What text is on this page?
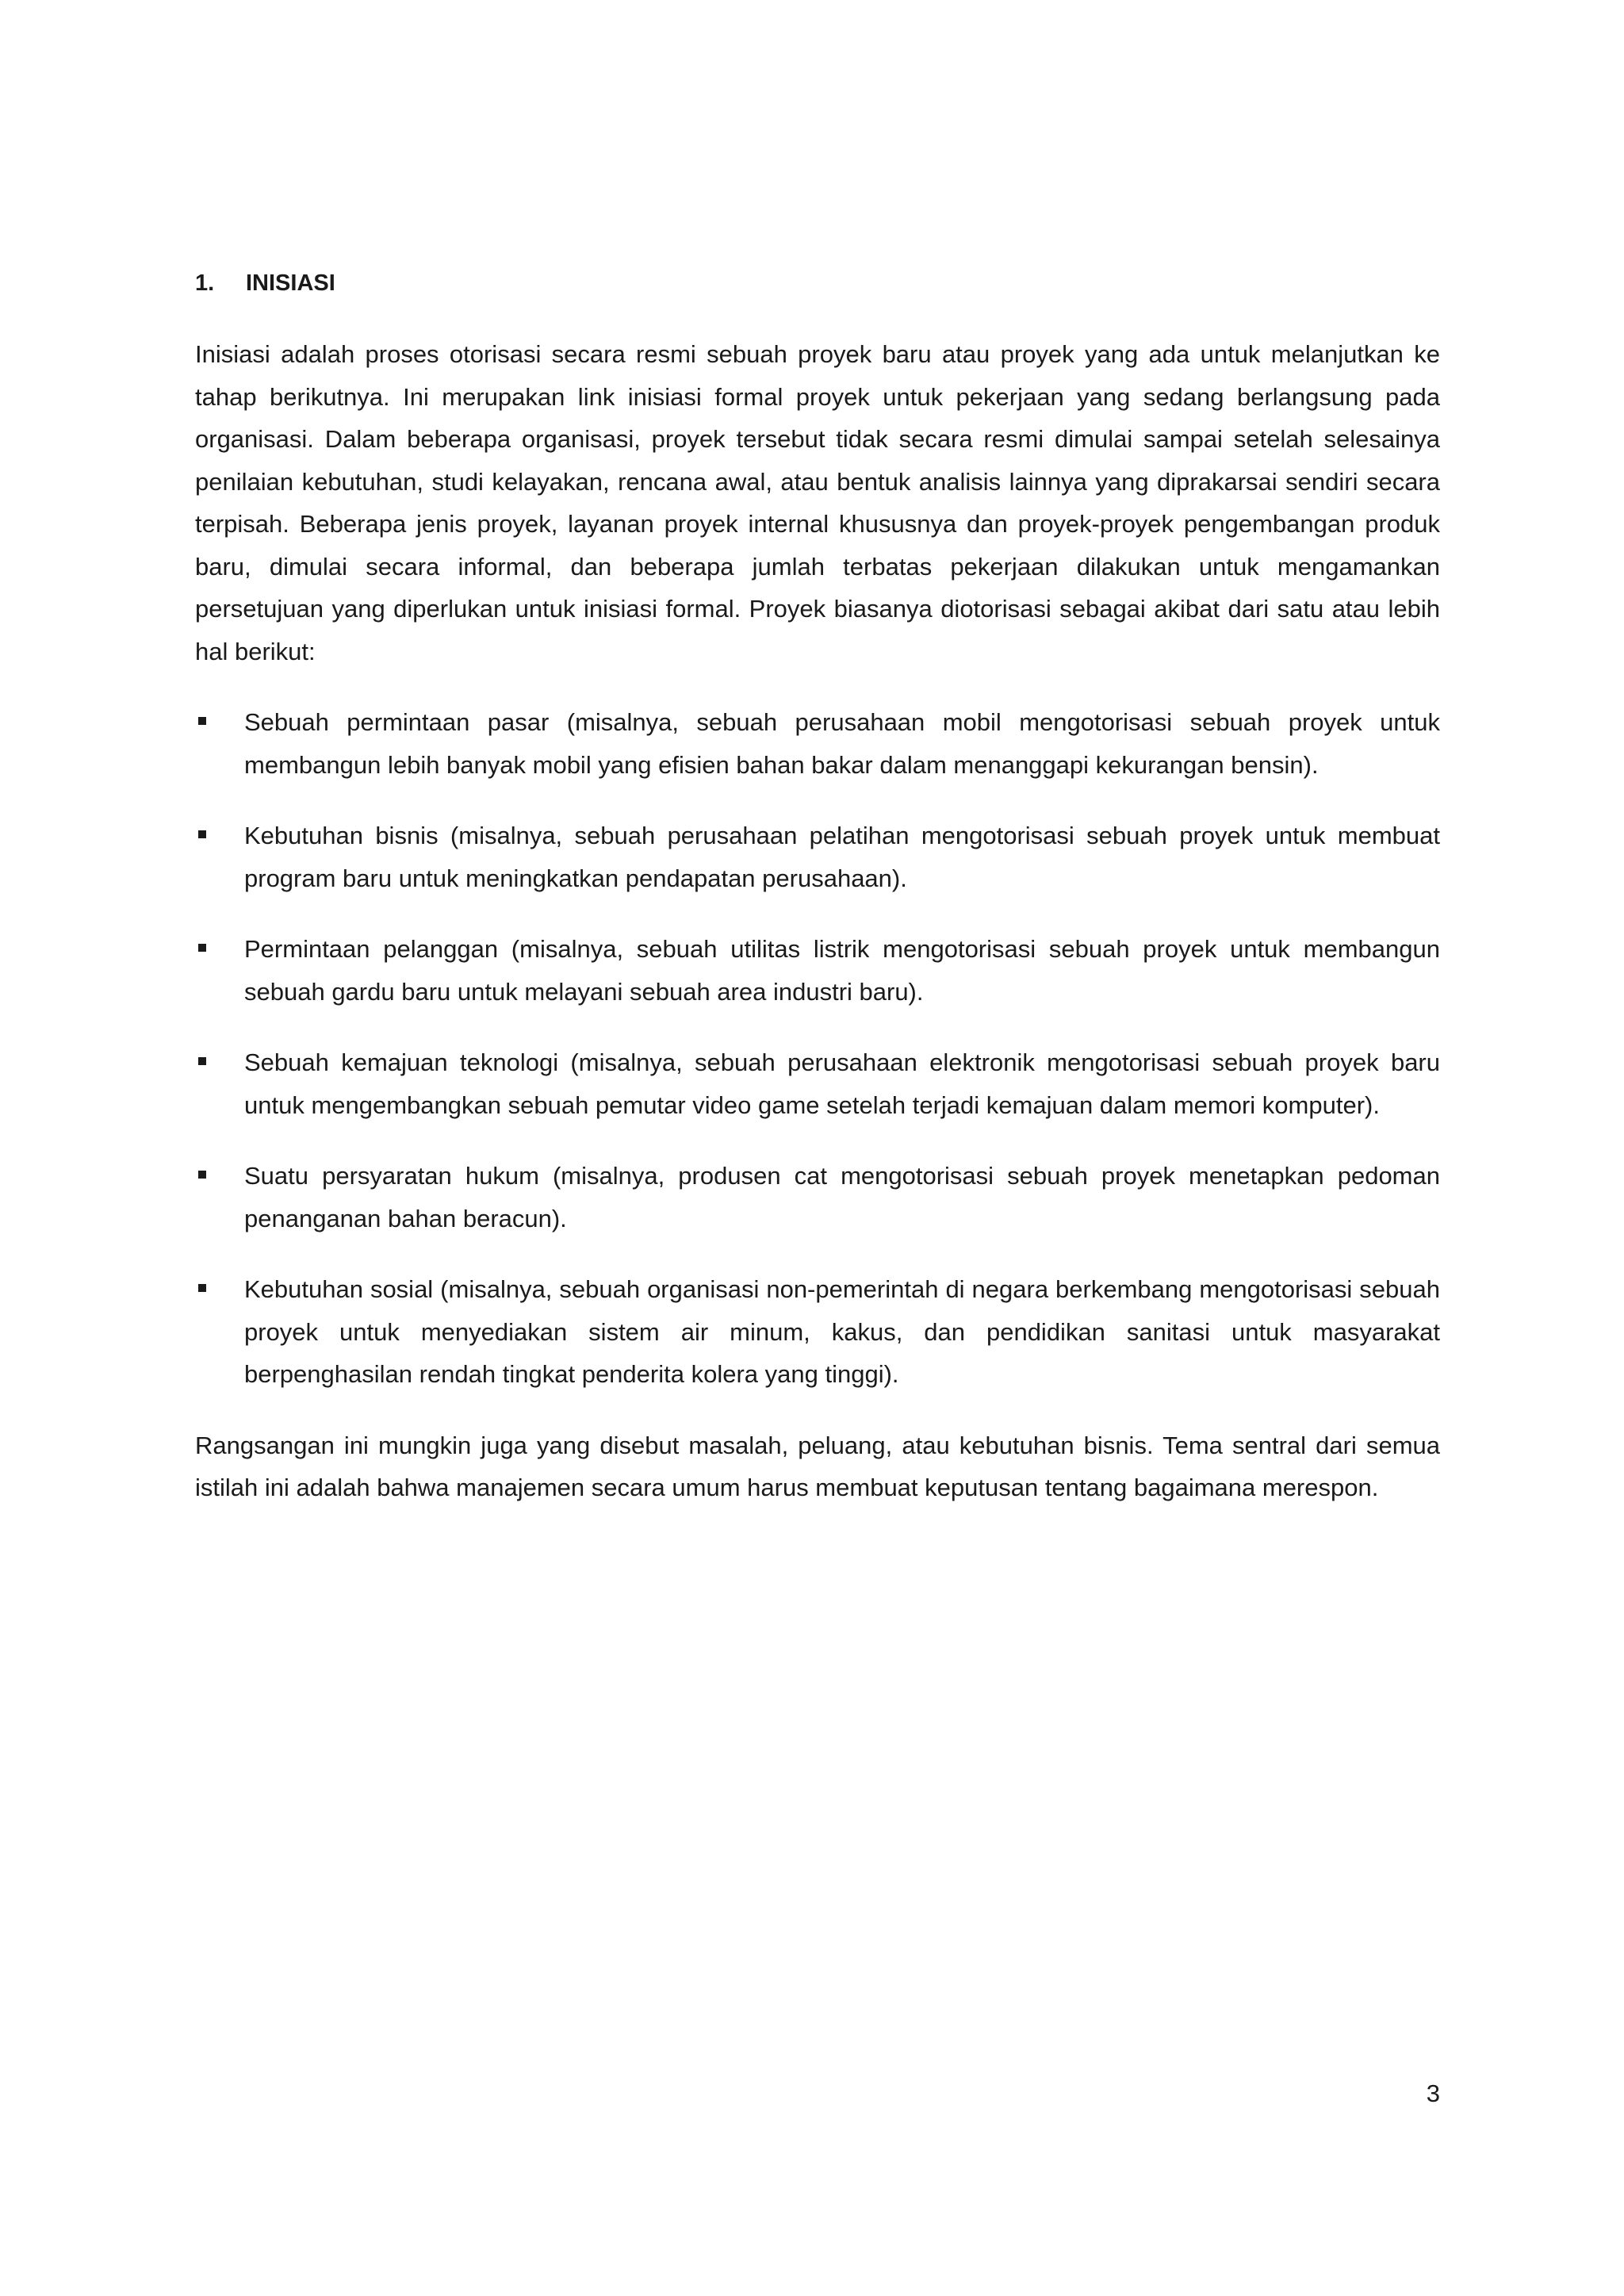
1.	INISIASI

Inisiasi adalah proses otorisasi secara resmi sebuah proyek baru atau proyek yang ada untuk melanjutkan ke tahap berikutnya. Ini merupakan link inisiasi formal proyek untuk pekerjaan yang sedang berlangsung pada organisasi. Dalam beberapa organisasi, proyek tersebut tidak secara resmi dimulai sampai setelah selesainya penilaian kebutuhan, studi kelayakan, rencana awal, atau bentuk analisis lainnya yang diprakarsai sendiri secara terpisah. Beberapa jenis proyek, layanan proyek internal khususnya dan proyek-proyek pengembangan produk baru, dimulai secara informal, dan beberapa jumlah terbatas pekerjaan dilakukan untuk mengamankan persetujuan yang diperlukan untuk inisiasi formal. Proyek biasanya diotorisasi sebagai akibat dari satu atau lebih hal berikut:

Sebuah permintaan pasar (misalnya, sebuah perusahaan mobil mengotorisasi sebuah proyek untuk membangun lebih banyak mobil yang efisien bahan bakar dalam menanggapi kekurangan bensin).
Kebutuhan bisnis (misalnya, sebuah perusahaan pelatihan mengotorisasi sebuah proyek untuk membuat program baru untuk meningkatkan pendapatan perusahaan).
Permintaan pelanggan (misalnya, sebuah utilitas listrik mengotorisasi sebuah proyek untuk membangun sebuah gardu baru untuk melayani sebuah area industri baru).
Sebuah kemajuan teknologi (misalnya, sebuah perusahaan elektronik mengotorisasi sebuah proyek baru untuk mengembangkan sebuah pemutar video game setelah terjadi kemajuan dalam memori komputer).
Suatu persyaratan hukum (misalnya, produsen cat mengotorisasi sebuah proyek menetapkan pedoman penanganan bahan beracun).
Kebutuhan sosial (misalnya, sebuah organisasi non-pemerintah di negara berkembang mengotorisasi sebuah proyek untuk menyediakan sistem air minum, kakus, dan pendidikan sanitasi untuk masyarakat berpenghasilan rendah tingkat penderita kolera yang tinggi).

Rangsangan ini mungkin juga yang disebut masalah, peluang, atau kebutuhan bisnis. Tema sentral dari semua istilah ini adalah bahwa manajemen secara umum harus membuat keputusan tentang bagaimana merespon.

3
